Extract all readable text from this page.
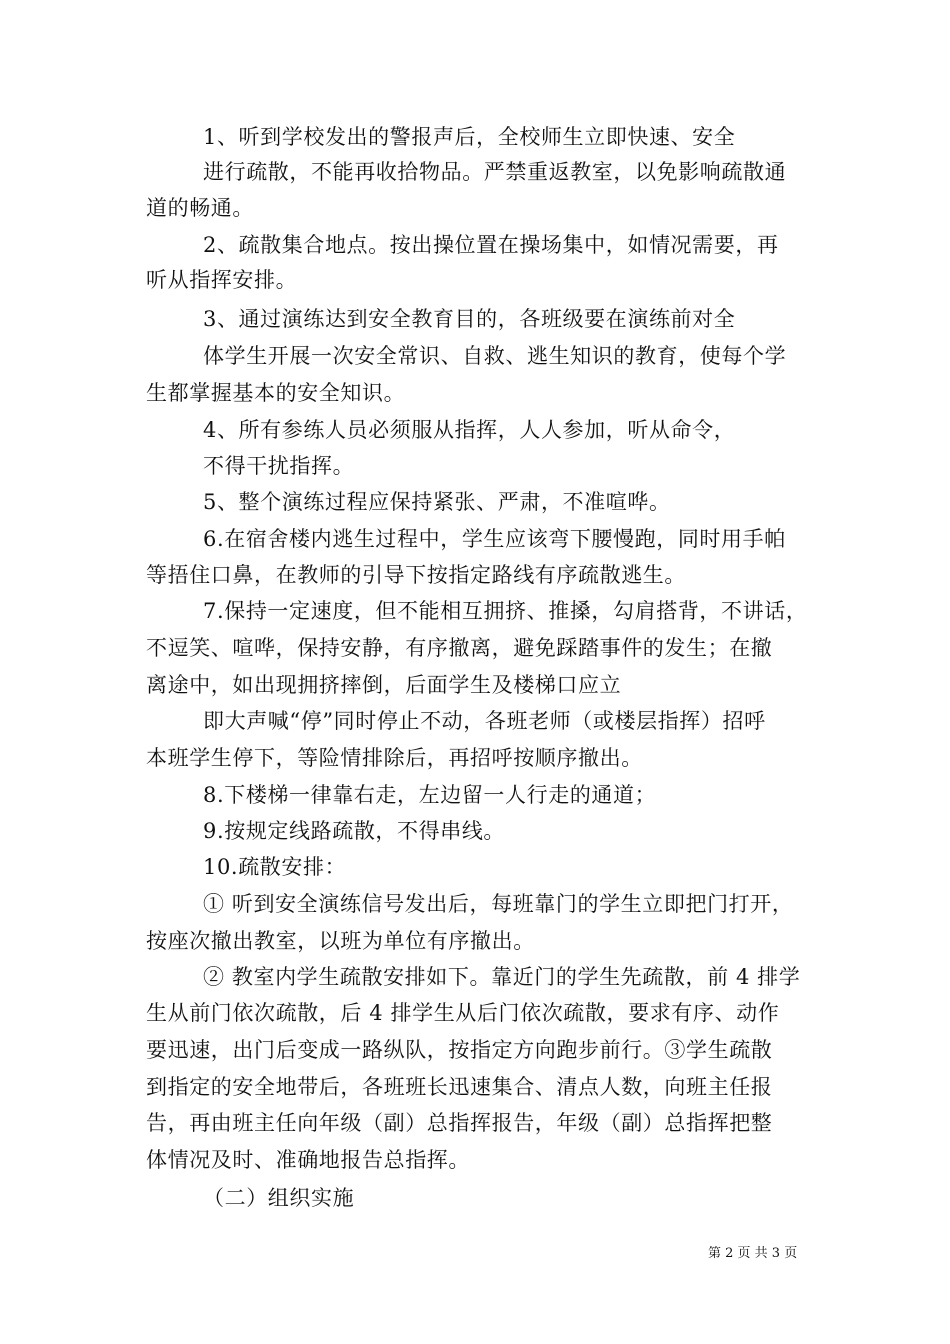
1、听到学校发出的警报声后，全校师生立即快速、安全

进行疏散，不能再收拾物品。严禁重返教室，以免影响疏散通

道的畅通。

2、疏散集合地点。按出操位置在操场集中，如情况需要，再

听从指挥安排。

3、通过演练达到安全教育目的，各班级要在演练前对全

体学生开展一次安全常识、自救、逃生知识的教育，使每个学

生都掌握基本的安全知识。

4、所有参练人员必须服从指挥，人人参加，听从命令，

不得干扰指挥。

5、整个演练过程应保持紧张、严肃，不准喧哗。

6.在宿舍楼内逃生过程中，学生应该弯下腰慢跑，同时用手帕

等捂住口鼻，在教师的引导下按指定路线有序疏散逃生。

7.保持一定速度，但不能相互拥挤、推搡，勾肩搭背，不讲话，

不逗笑、喧哗，保持安静，有序撤离，避免踩踏事件的发生；在撤

离途中，如出现拥挤摔倒，后面学生及楼梯口应立

即大声喊“停”同时停止不动，各班老师（或楼层指挥）招呼

本班学生停下，等险情排除后，再招呼按顺序撤出。

8.下楼梯一律靠右走，左边留一人行走的通道；

9.按规定线路疏散，不得串线。

10.疏散安排：

① 听到安全演练信号发出后，每班靠门的学生立即把门打开，

按座次撤出教室，以班为单位有序撤出。

② 教室内学生疏散安排如下。靠近门的学生先疏散，前 4 排学

生从前门依次疏散，后 4 排学生从后门依次疏散，要求有序、动作

要迅速，出门后变成一路纵队，按指定方向跑步前行。③学生疏散

到指定的安全地带后，各班班长迅速集合、清点人数，向班主任报

告，再由班主任向年级（副）总指挥报告，年级（副）总指挥把整

体情况及时、准确地报告总指挥。

（二）组织实施

第 2 页 共 3 页
